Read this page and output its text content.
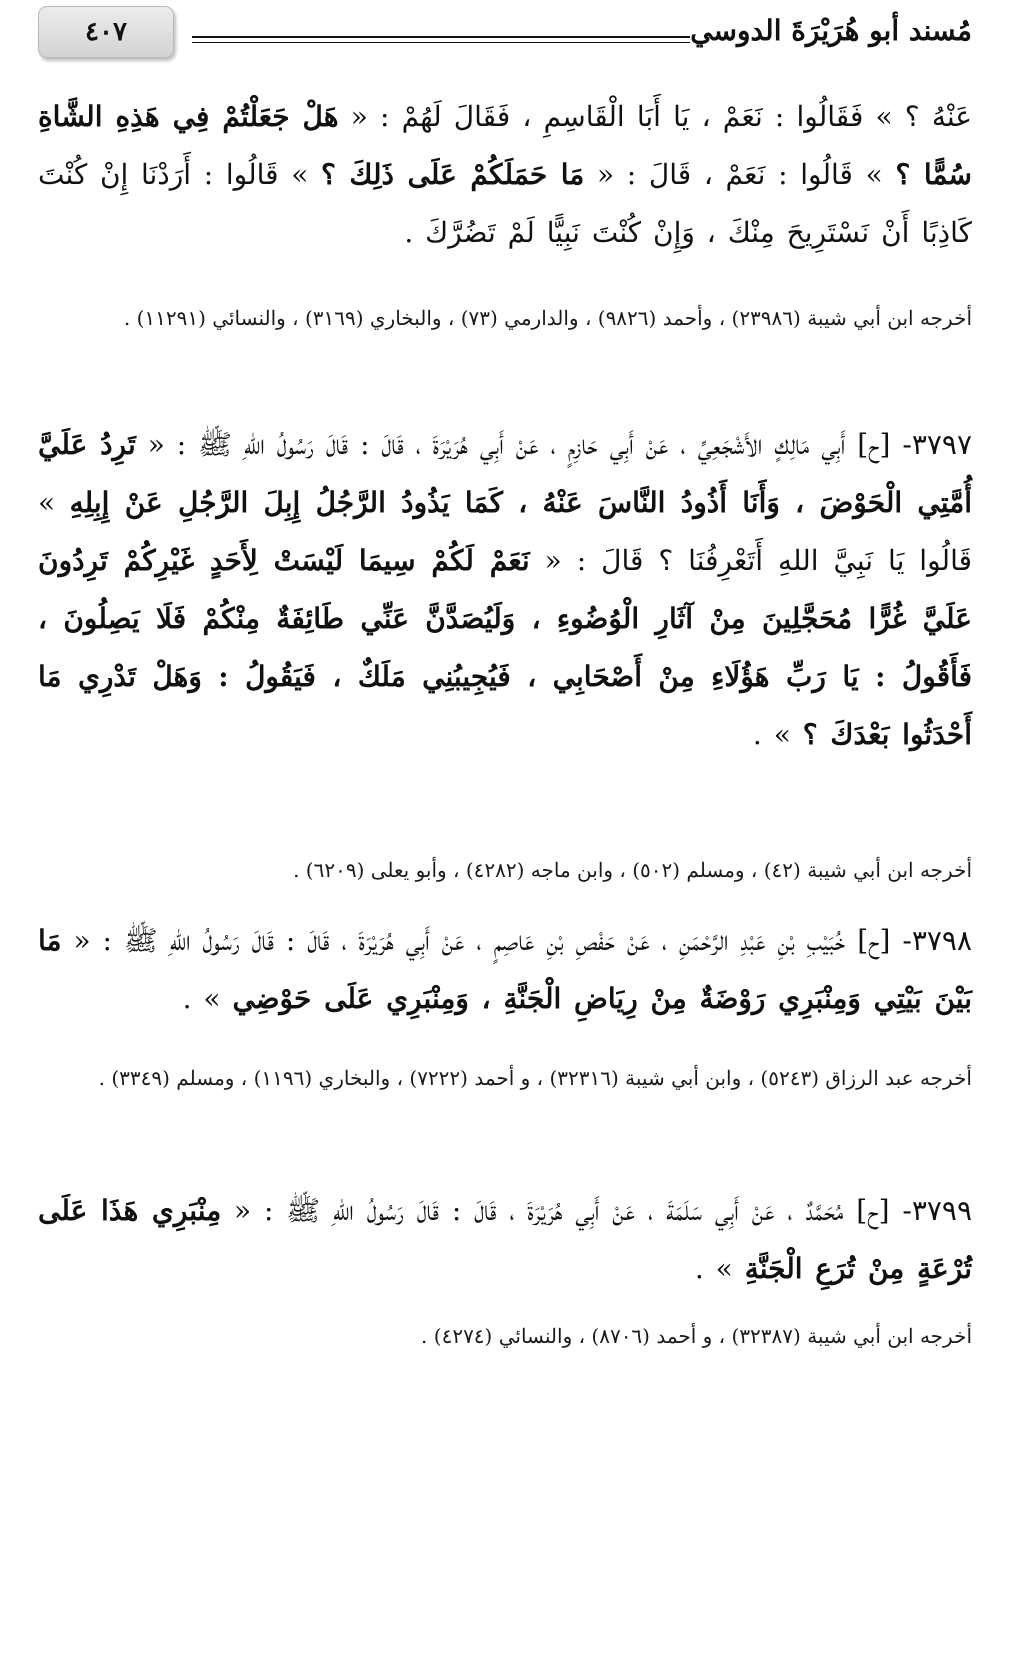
مُسند أبو هُرَيْرَةَ الدوسي
٤٠٧
عَنْهُ ؟ » فَقَالُوا : نَعَمْ ، يَا أَبَا الْقَاسِمِ ، فَقَالَ لَهُمْ : « هَلْ جَعَلْتُمْ فِي هَذِهِ الشَّاةِ سُمًّا ؟ » قَالُوا : نَعَمْ ، قَالَ : « مَا حَمَلَكُمْ عَلَى ذَلِكَ ؟ » قَالُوا : أَرَدْنَا إِنْ كُنْتَ كَاذِبًا أَنْ نَسْتَرِيحَ مِنْكَ ، وَإِنْ كُنْتَ نَبِيًّا لَمْ تَضُرَّكَ .
أخرجه ابن أبي شيبة (٢٣٩٨٦) ، وأحمد (٩٨٢٦) ، والدارمي (٧٣) ، والبخاري (٣١٦٩) ، والنسائي (١١٢٩١) .
٣٧٩٧- [ح] أَبِي مَالِكٍ الأَشْجَعِيِّ ، عَنْ أَبِي حَازِمٍ ، عَنْ أَبِي هُرَيْرَةَ ، قَالَ : قَالَ رَسُولُ اللهِ ﷺ : « تَرِدُ عَلَيَّ أُمَّتِي الْحَوْضَ ، وَأَنَا أَذُودُ النَّاسَ عَنْهُ ، كَمَا يَذُودُ الرَّجُلُ إِبِلَ الرَّجُلِ عَنْ إِبِلِهِ » قَالُوا يَا نَبِيَّ اللهِ أَتَعْرِفُنَا ؟ قَالَ : « نَعَمْ لَكُمْ سِيمَا لَيْسَتْ لِأَحَدٍ غَيْرِكُمْ تَرِدُونَ عَلَيَّ غُرًّا مُحَجَّلِينَ مِنْ آثَارِ الْوُضُوءِ ، وَلَيُصَدَّنَّ عَنِّي طَائِفَةٌ مِنْكُمْ فَلَا يَصِلُونَ ، فَأَقُولُ : يَا رَبِّ هَؤُلَاءِ مِنْ أَصْحَابِي ، فَيُجِيبُنِي مَلَكٌ ، فَيَقُولُ : وَهَلْ تَدْرِي مَا أَحْدَثُوا بَعْدَكَ ؟ » .
أخرجه ابن أبي شيبة (٤٢) ، ومسلم (٥٠٢) ، وابن ماجه (٤٢٨٢) ، وأبو يعلى (٦٢٠٩) .
٣٧٩٨- [ح] خُبَيْبِ بْنِ عَبْدِ الرَّحْمَنِ ، عَنْ حَفْصِ بْنِ عَاصِمٍ ، عَنْ أَبِي هُرَيْرَةَ ، قَالَ : قَالَ رَسُولُ اللهِ ﷺ : « مَا بَيْنَ بَيْتِي وَمِنْبَرِي رَوْضَةٌ مِنْ رِيَاضِ الْجَنَّةِ ، وَمِنْبَرِي عَلَى حَوْضِي » .
أخرجه عبد الرزاق (٥٢٤٣) ، وابن أبي شيبة (٣٢٣١٦) ، و أحمد (٧٢٢٢) ، والبخاري (١١٩٦) ، ومسلم (٣٣٤٩) .
٣٧٩٩- [ح] مُحَمَّدٌ ، عَنْ أَبِي سَلَمَةَ ، عَنْ أَبِي هُرَيْرَةَ ، قَالَ : قَالَ رَسُولُ اللهِ ﷺ : « مِنْبَرِي هَذَا عَلَى تُرْعَةٍ مِنْ تُرَعِ الْجَنَّةِ » .
أخرجه ابن أبي شيبة (٣٢٣٨٧) ، و أحمد (٨٧٠٦) ، والنسائي (٤٢٧٤) .
